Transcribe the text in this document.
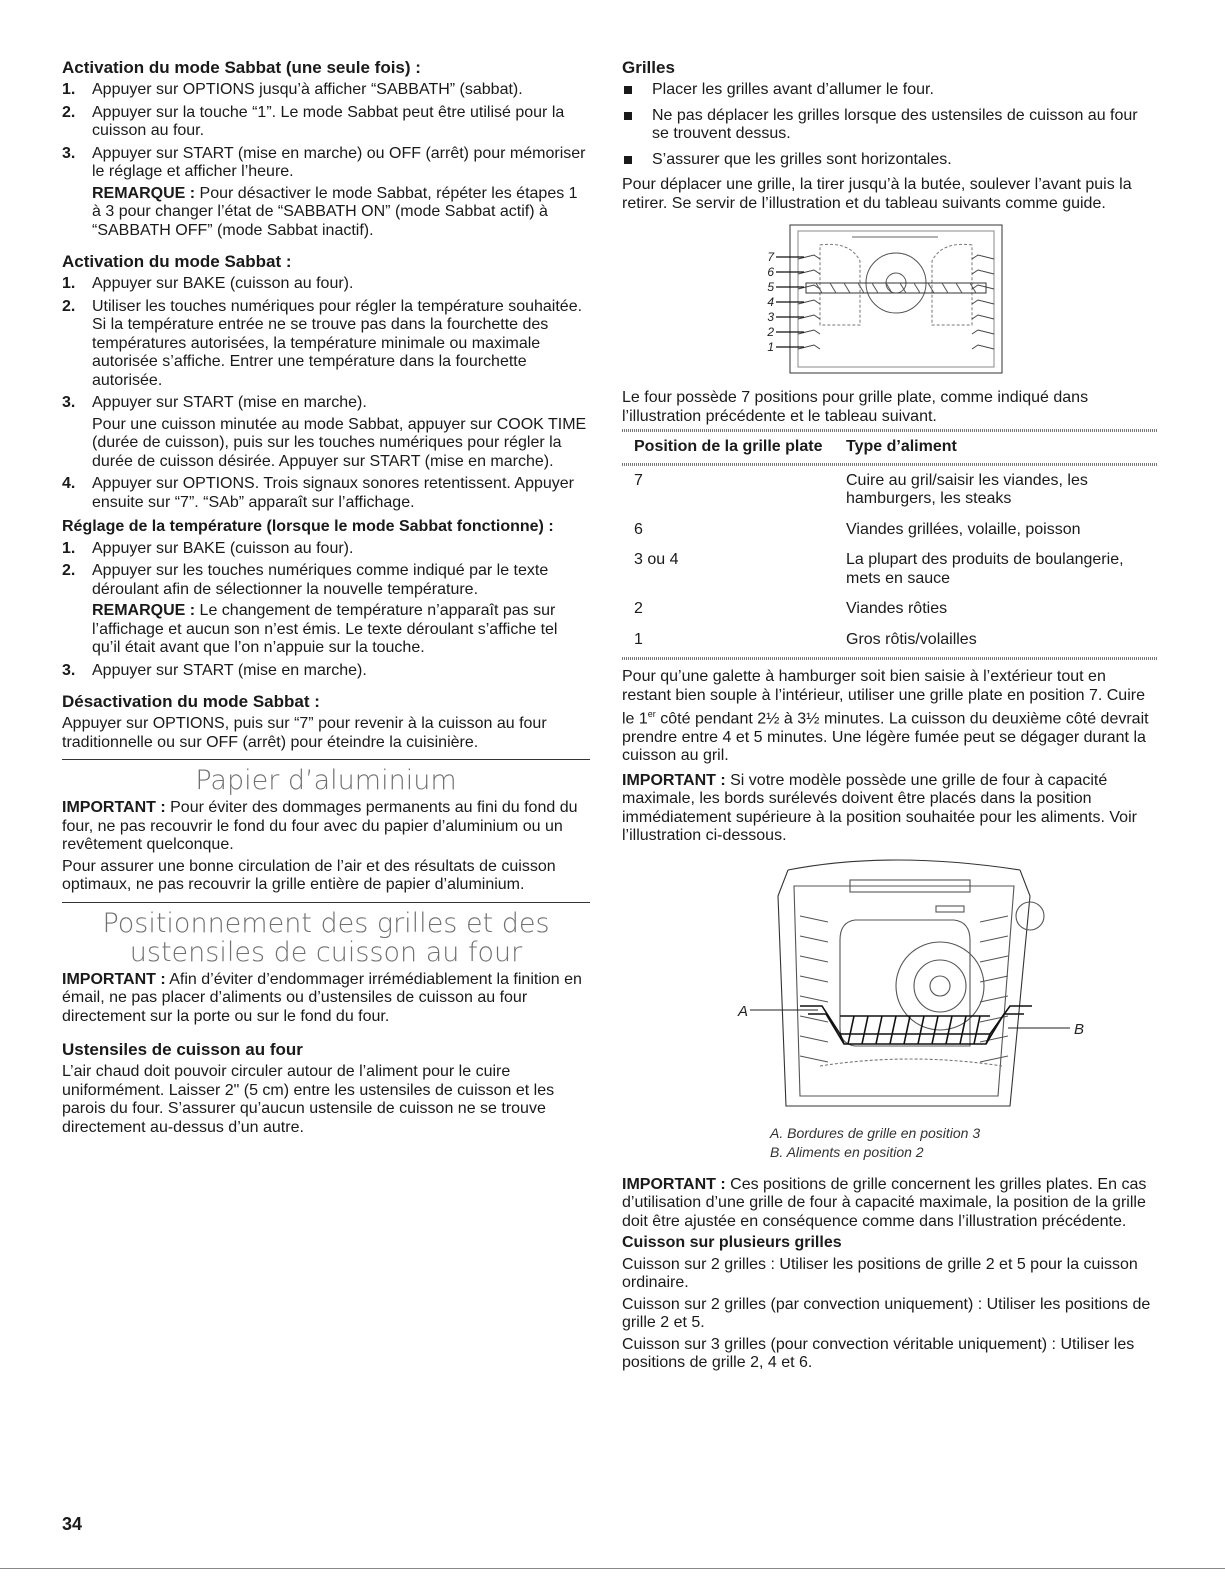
Activation du mode Sabbat (une seule fois) :
1. Appuyer sur OPTIONS jusqu’à afficher “SABBATH” (sabbat).
2. Appuyer sur la touche “1”. Le mode Sabbat peut être utilisé pour la cuisson au four.
3. Appuyer sur START (mise en marche) ou OFF (arrêt) pour mémoriser le réglage et afficher l’heure.
REMARQUE : Pour désactiver le mode Sabbat, répéter les étapes 1 à 3 pour changer l’état de “SABBATH ON” (mode Sabbat actif) à “SABBATH OFF” (mode Sabbat inactif).
Activation du mode Sabbat :
1. Appuyer sur BAKE (cuisson au four).
2. Utiliser les touches numériques pour régler la température souhaitée. Si la température entrée ne se trouve pas dans la fourchette des températures autorisées, la température minimale ou maximale autorisée s’affiche. Entrer une température dans la fourchette autorisée.
3. Appuyer sur START (mise en marche).
Pour une cuisson minutée au mode Sabbat, appuyer sur COOK TIME (durée de cuisson), puis sur les touches numériques pour régler la durée de cuisson désirée. Appuyer sur START (mise en marche).
4. Appuyer sur OPTIONS. Trois signaux sonores retentissent. Appuyer ensuite sur “7”. “SAb” apparaît sur l’affichage.
Réglage de la température (lorsque le mode Sabbat fonctionne) :
1. Appuyer sur BAKE (cuisson au four).
2. Appuyer sur les touches numériques comme indiqué par le texte déroulant afin de sélectionner la nouvelle température.
REMARQUE : Le changement de température n’apparaît pas sur l’affichage et aucun son n’est émis. Le texte déroulant s’affiche tel qu’il était avant que l’on n’appuie sur la touche.
3. Appuyer sur START (mise en marche).
Désactivation du mode Sabbat :

Appuyer sur OPTIONS, puis sur “7” pour revenir à la cuisson au four traditionnelle ou sur OFF (arrêt) pour éteindre la cuisinière.

Papier d’aluminium

IMPORTANT : Pour éviter des dommages permanents au fini du fond du four, ne pas recouvrir le fond du four avec du papier d’aluminium ou un revêtement quelconque.

Pour assurer une bonne circulation de l’air et des résultats de cuisson optimaux, ne pas recouvrir la grille entière de papier d’aluminium.

Positionnement des grilles et des
ustensiles de cuisson au four

IMPORTANT : Afin d’éviter d’endommager irrémédiablement la finition en émail, ne pas placer d’aliments ou d’ustensiles de cuisson au four directement sur la porte ou sur le fond du four.

Ustensiles de cuisson au four

L’air chaud doit pouvoir circuler autour de l’aliment pour le cuire uniformément. Laisser 2" (5 cm) entre les ustensiles de cuisson et les parois du four. S’assurer qu’aucun ustensile de cuisson ne se trouve directement au-dessus d’un autre.

Grilles
Placer les grilles avant d’allumer le four.
Ne pas déplacer les grilles lorsque des ustensiles de cuisson au four se trouvent dessus.
S’assurer que les grilles sont horizontales.

Pour déplacer une grille, la tirer jusqu’à la butée, soulever l’avant puis la retirer. Se servir de l’illustration et du tableau suivants comme guide.

7
6
5
4
3
2
1

Le four possède 7 positions pour grille plate, comme indiqué dans l’illustration précédente et le tableau suivant.

Position de la grille plate	Type d’aliment

7	Cuire au gril/saisir les viandes, les hamburgers, les steaks
6	Viandes grillées, volaille, poisson
3 ou 4	La plupart des produits de boulangerie, mets en sauce
2	Viandes rôties
1	Gros rôtis/volailles

Pour qu’une galette à hamburger soit bien saisie à l’extérieur tout en restant bien souple à l’intérieur, utiliser une grille plate en position 7. Cuire le 1er côté pendant 2½ à 3½ minutes. La cuisson du deuxième côté devrait prendre entre 4 et 5 minutes. Une légère fumée peut se dégager durant la cuisson au gril.

IMPORTANT : Si votre modèle possède une grille de four à capacité maximale, les bords surélevés doivent être placés dans la position immédiatement supérieure à la position souhaitée pour les aliments. Voir l’illustration ci-dessous.

A
B
A. Bordures de grille en position 3
B. Aliments en position 2

IMPORTANT : Ces positions de grille concernent les grilles plates. En cas d’utilisation d’une grille de four à capacité maximale, la position de la grille doit être ajustée en conséquence comme dans l’illustration précédente.

Cuisson sur plusieurs grilles

Cuisson sur 2 grilles : Utiliser les positions de grille 2 et 5 pour la cuisson ordinaire.

Cuisson sur 2 grilles (par convection uniquement) : Utiliser les positions de grille 2 et 5.

Cuisson sur 3 grilles (pour convection véritable uniquement) : Utiliser les positions de grille 2, 4 et 6.

34
